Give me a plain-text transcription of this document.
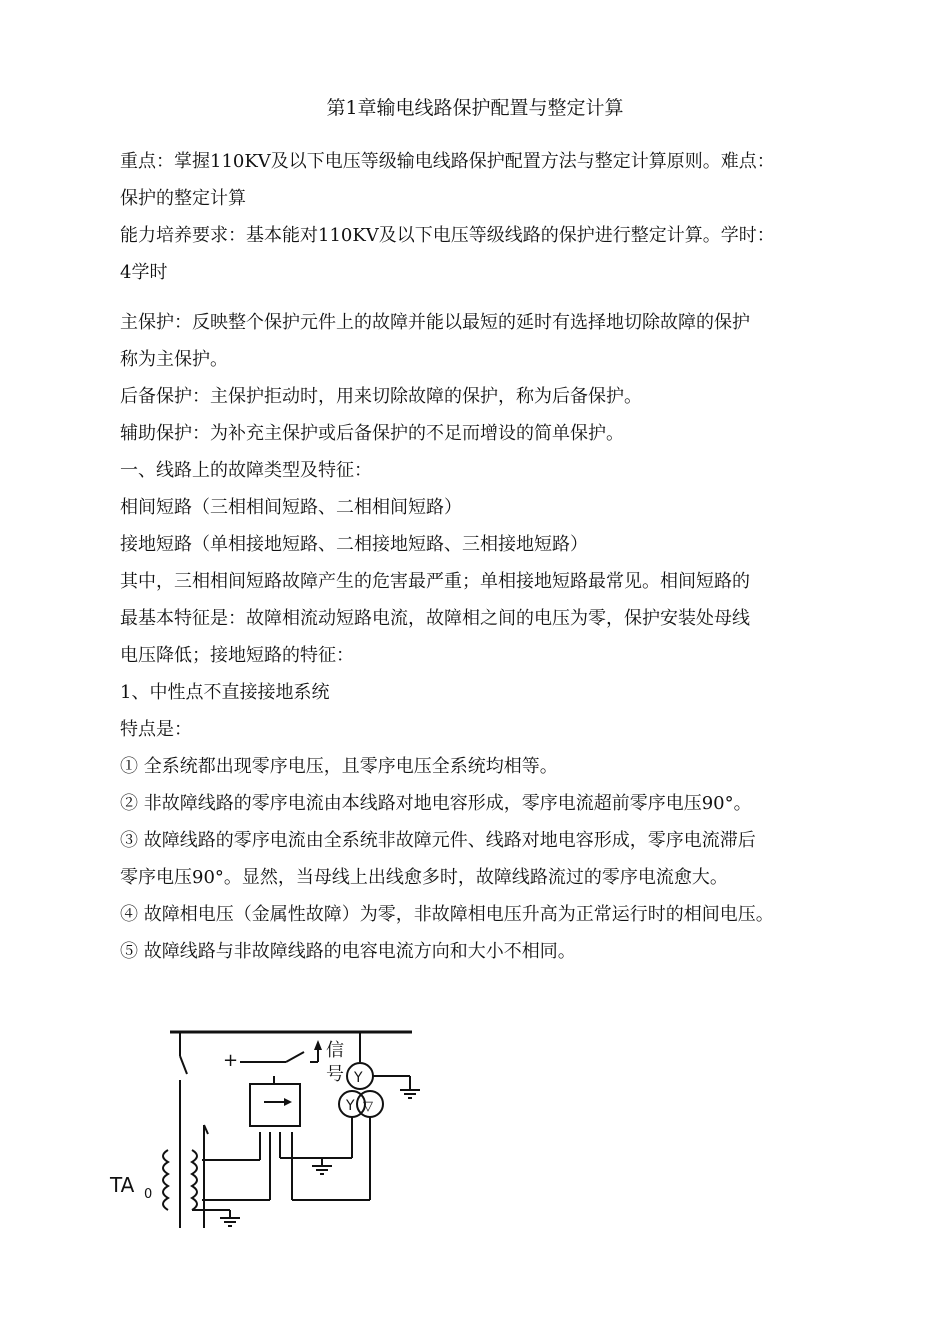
第1章输电线路保护配置与整定计算
重点：掌握110KV及以下电压等级输电线路保护配置方法与整定计算原则。难点：
保护的整定计算
能力培养要求：基本能对110KV及以下电压等级线路的保护进行整定计算。学时：
4学时
主保护：反映整个保护元件上的故障并能以最短的延时有选择地切除故障的保护
称为主保护。
后备保护：主保护拒动时，用来切除故障的保护，称为后备保护。
辅助保护：为补充主保护或后备保护的不足而增设的简单保护。
一、线路上的故障类型及特征：
相间短路（三相相间短路、二相相间短路）
接地短路（单相接地短路、二相接地短路、三相接地短路）
其中，三相相间短路故障产生的危害最严重；单相接地短路最常见。相间短路的
最基本特征是：故障相流动短路电流，故障相之间的电压为零，保护安装处母线
电压降低；接地短路的特征：
1、中性点不直接接地系统
特点是：
① 全系统都出现零序电压，且零序电压全系统均相等。
② 非故障线路的零序电流由本线路对地电容形成，零序电流超前零序电压90°。
③ 故障线路的零序电流由全系统非故障元件、线路对地电容形成，零序电流滞后
零序电压90°。显然，当母线上出线愈多时，故障线路流过的零序电流愈大。
④ 故障相电压（金属性故障）为零，非故障相电压升高为正常运行时的相间电压。
⑤ 故障线路与非故障线路的电容电流方向和大小不相同。
+	信
号
TA 0
Y
Y ▽
